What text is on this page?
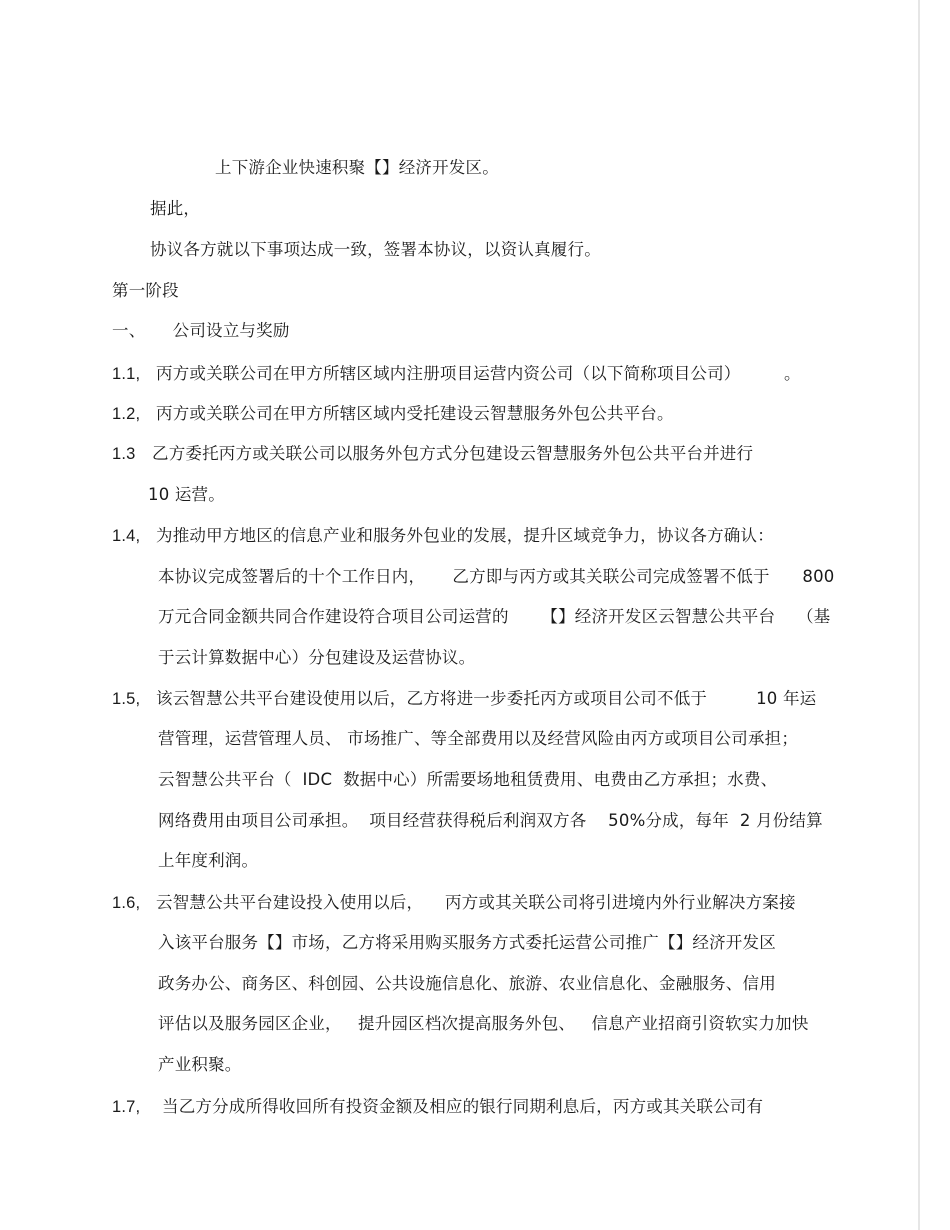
上下游企业快速积聚【】经济开发区。
据此，
协议各方就以下事项达成一致，签署本协议，以资认真履行。
第一阶段
一、     公司设立与奖励
1.1, 丙方或关联公司在甲方所辖区域内注册项目运营内资公司（以下简称项目公司）        。
1.2, 丙方或关联公司在甲方所辖区域内受托建设云智慧服务外包公共平台。
1.3 乙方委托丙方或关联公司以服务外包方式分包建设云智慧服务外包公共平台并进行
10 运营。
1.4, 为推动甲方地区的信息产业和服务外包业的发展，提升区域竞争力，协议各方确认：
本协议完成签署后的十个工作日内，     乙方即与丙方或其关联公司完成签署不低于      800
万元合同金额共同合作建设符合项目公司运营的      【】经济开发区云智慧公共平台    （基
于云计算数据中心）分包建设及运营协议。
1.5, 该云智慧公共平台建设使用以后，乙方将进一步委托丙方或项目公司不低于         10 年运
营管理，运营管理人员、 市场推广、等全部费用以及经营风险由丙方或项目公司承担；
云智慧公共平台（  IDC  数据中心）所需要场地租赁费用、电费由乙方承担；水费、
网络费用由项目公司承担。  项目经营获得税后利润双方各    50%分成，每年  2 月份结算
上年度利润。
1.6, 云智慧公共平台建设投入使用以后，    丙方或其关联公司将引进境内外行业解决方案接
入该平台服务【】市场，乙方将采用购买服务方式委托运营公司推广【】经济开发区
政务办公、商务区、科创园、公共设施信息化、旅游、农业信息化、金融服务、信用
评估以及服务园区企业，   提升园区档次提高服务外包、   信息产业招商引资软实力加快
产业积聚。
1.7, 当乙方分成所得收回所有投资金额及相应的银行同期利息后，丙方或其关联公司有
